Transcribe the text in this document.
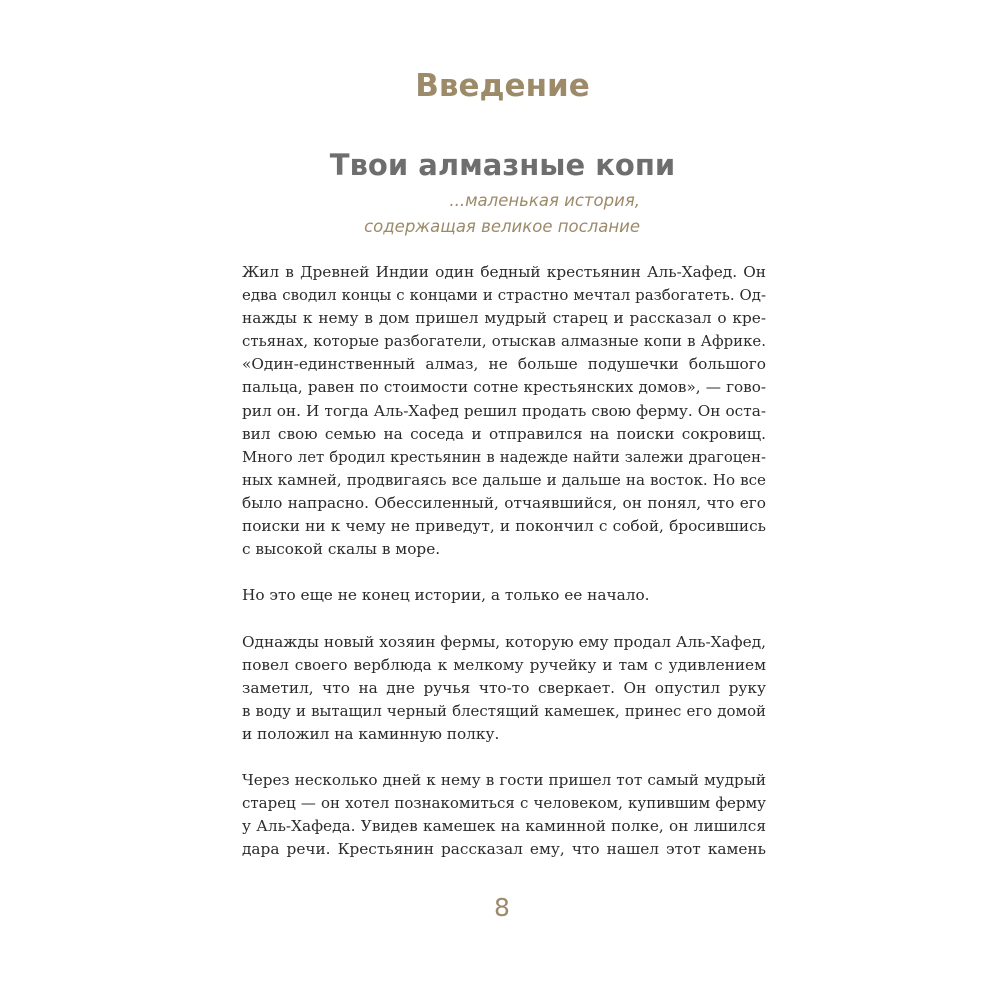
Введение
Твои алмазные копи
...маленькая история,
содержащая великое послание

Жил в Древней Индии один бедный крестьянин Аль-Хафед. Он
едва сводил концы с концами и страстно мечтал разбогатеть. Од-
нажды к нему в дом пришел мудрый старец и рассказал о кре-
стьянах, которые разбогатели, отыскав алмазные копи в Африке.
«Один-единственный алмаз, не больше подушечки большого
пальца, равен по стоимости сотне крестьянских домов», — гово-
рил он. И тогда Аль-Хафед решил продать свою ферму. Он оста-
вил свою семью на соседа и отправился на поиски сокровищ.
Много лет бродил крестьянин в надежде найти залежи драгоцен-
ных камней, продвигаясь все дальше и дальше на восток. Но все
было напрасно. Обессиленный, отчаявшийся, он понял, что его
поиски ни к чему не приведут, и покончил с собой, бросившись
с высокой скалы в море.

Но это еще не конец истории, а только ее начало.

Однажды новый хозяин фермы, которую ему продал Аль-Хафед,
повел своего верблюда к мелкому ручейку и там с удивлением
заметил, что на дне ручья что-то сверкает. Он опустил руку
в воду и вытащил черный блестящий камешек, принес его домой
и положил на каминную полку.

Через несколько дней к нему в гости пришел тот самый мудрый
старец — он хотел познакомиться с человеком, купившим ферму
у Аль-Хафеда. Увидев камешек на каминной полке, он лишился
дара речи. Крестьянин рассказал ему, что нашел этот камень

8
